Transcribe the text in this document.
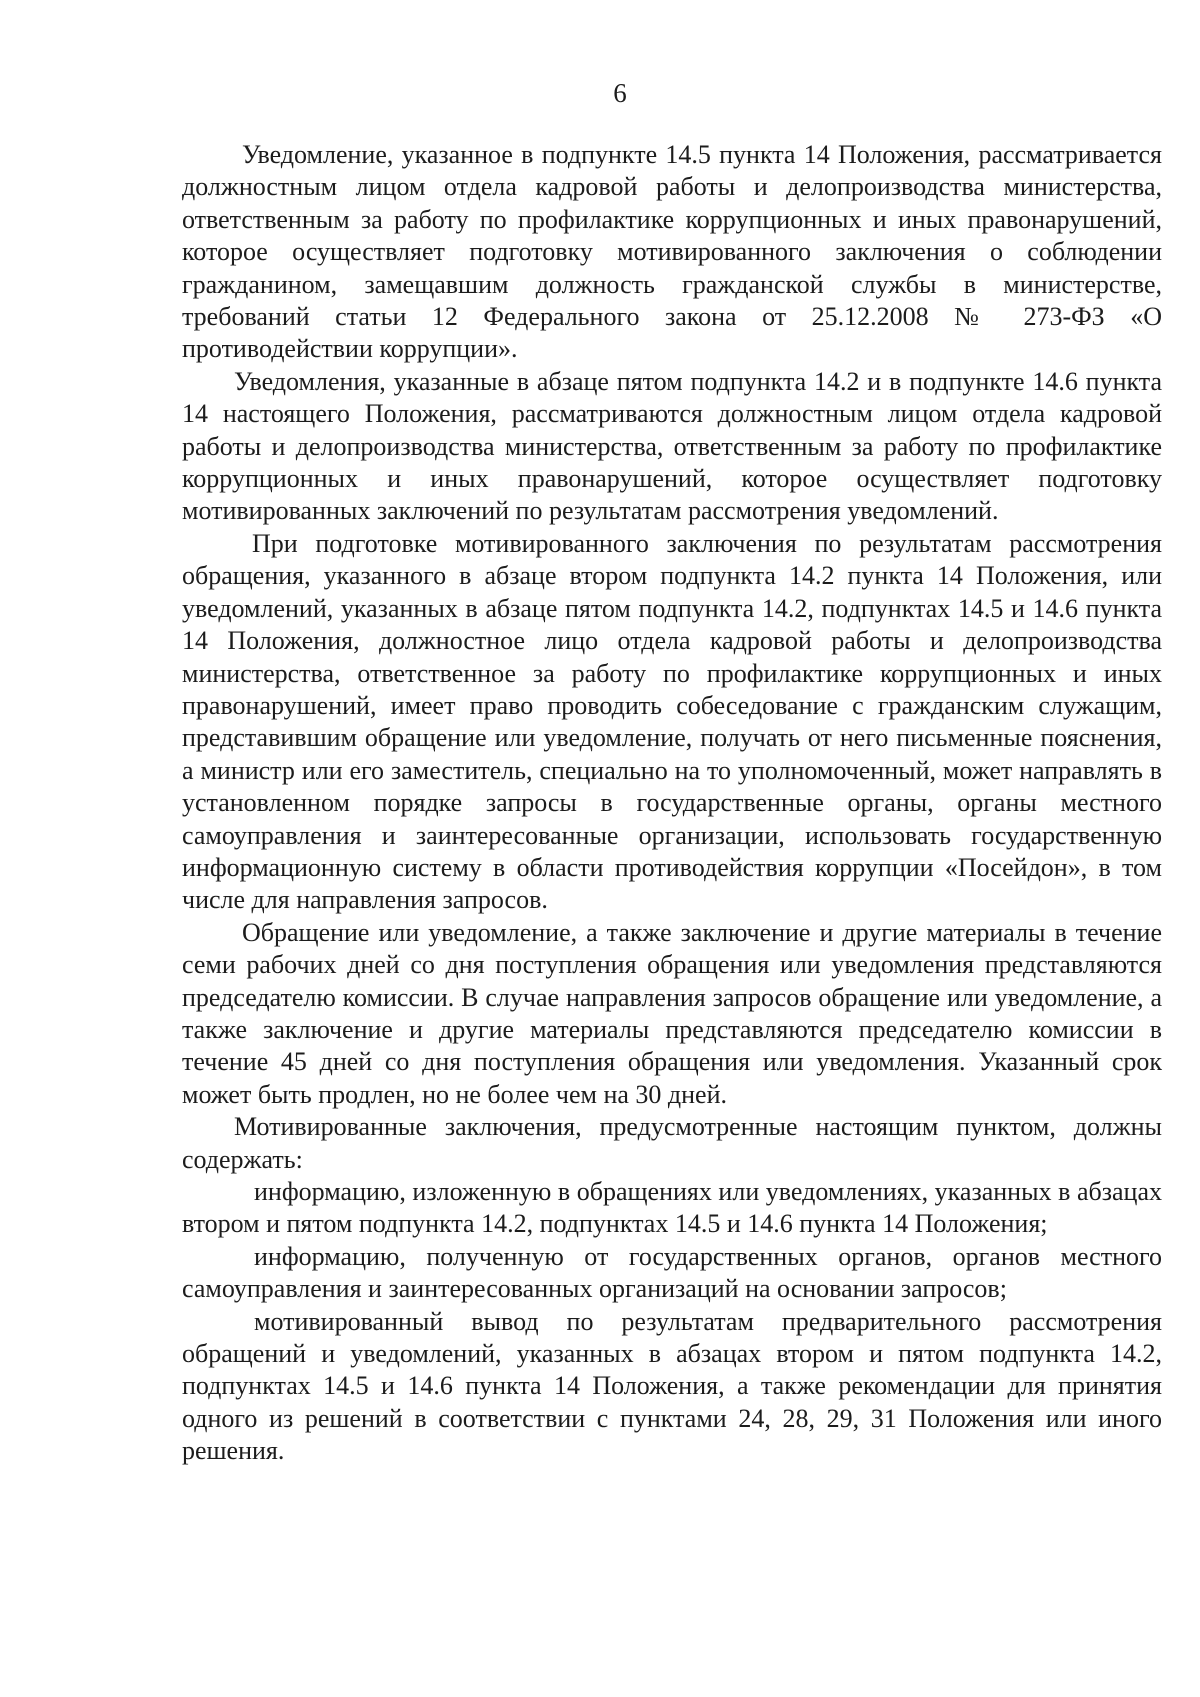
6

Уведомление, указанное в подпункте 14.5 пункта 14 Положения, рассматривается должностным лицом отдела кадровой работы и делопроизводства министерства, ответственным за работу по профилактике коррупционных и иных правонарушений, которое осуществляет подготовку мотивированного заключения о соблюдении гражданином, замещавшим должность гражданской службы в министерстве, требований статьи 12 Федерального закона от 25.12.2008 № 273-ФЗ «О противодействии коррупции».

Уведомления, указанные в абзаце пятом подпункта 14.2 и в подпункте 14.6 пункта 14 настоящего Положения, рассматриваются должностным лицом отдела кадровой работы и делопроизводства министерства, ответственным за работу по профилактике коррупционных и иных правонарушений, которое осуществляет подготовку мотивированных заключений по результатам рассмотрения уведомлений.

При подготовке мотивированного заключения по результатам рассмотрения обращения, указанного в абзаце втором подпункта 14.2 пункта 14 Положения, или уведомлений, указанных в абзаце пятом подпункта 14.2, подпунктах 14.5 и 14.6 пункта 14 Положения, должностное лицо отдела кадровой работы и делопроизводства министерства, ответственное за работу по профилактике коррупционных и иных правонарушений, имеет право проводить собеседование с гражданским служащим, представившим обращение или уведомление, получать от него письменные пояснения, а министр или его заместитель, специально на то уполномоченный, может направлять в установленном порядке запросы в государственные органы, органы местного самоуправления и заинтересованные организации, использовать государственную информационную систему в области противодействия коррупции «Посейдон», в том числе для направления запросов.

Обращение или уведомление, а также заключение и другие материалы в течение семи рабочих дней со дня поступления обращения или уведомления представляются председателю комиссии. В случае направления запросов обращение или уведомление, а также заключение и другие материалы представляются председателю комиссии в течение 45 дней со дня поступления обращения или уведомления. Указанный срок может быть продлен, но не более чем на 30 дней.

Мотивированные заключения, предусмотренные настоящим пунктом, должны содержать:

информацию, изложенную в обращениях или уведомлениях, указанных в абзацах втором и пятом подпункта 14.2, подпунктах 14.5 и 14.6 пункта 14 Положения;

информацию, полученную от государственных органов, органов местного самоуправления и заинтересованных организаций на основании запросов;

мотивированный вывод по результатам предварительного рассмотрения обращений и уведомлений, указанных в абзацах втором и пятом подпункта 14.2, подпунктах 14.5 и 14.6 пункта 14 Положения, а также рекомендации для принятия одного из решений в соответствии с пунктами 24, 28, 29, 31 Положения или иного решения.
